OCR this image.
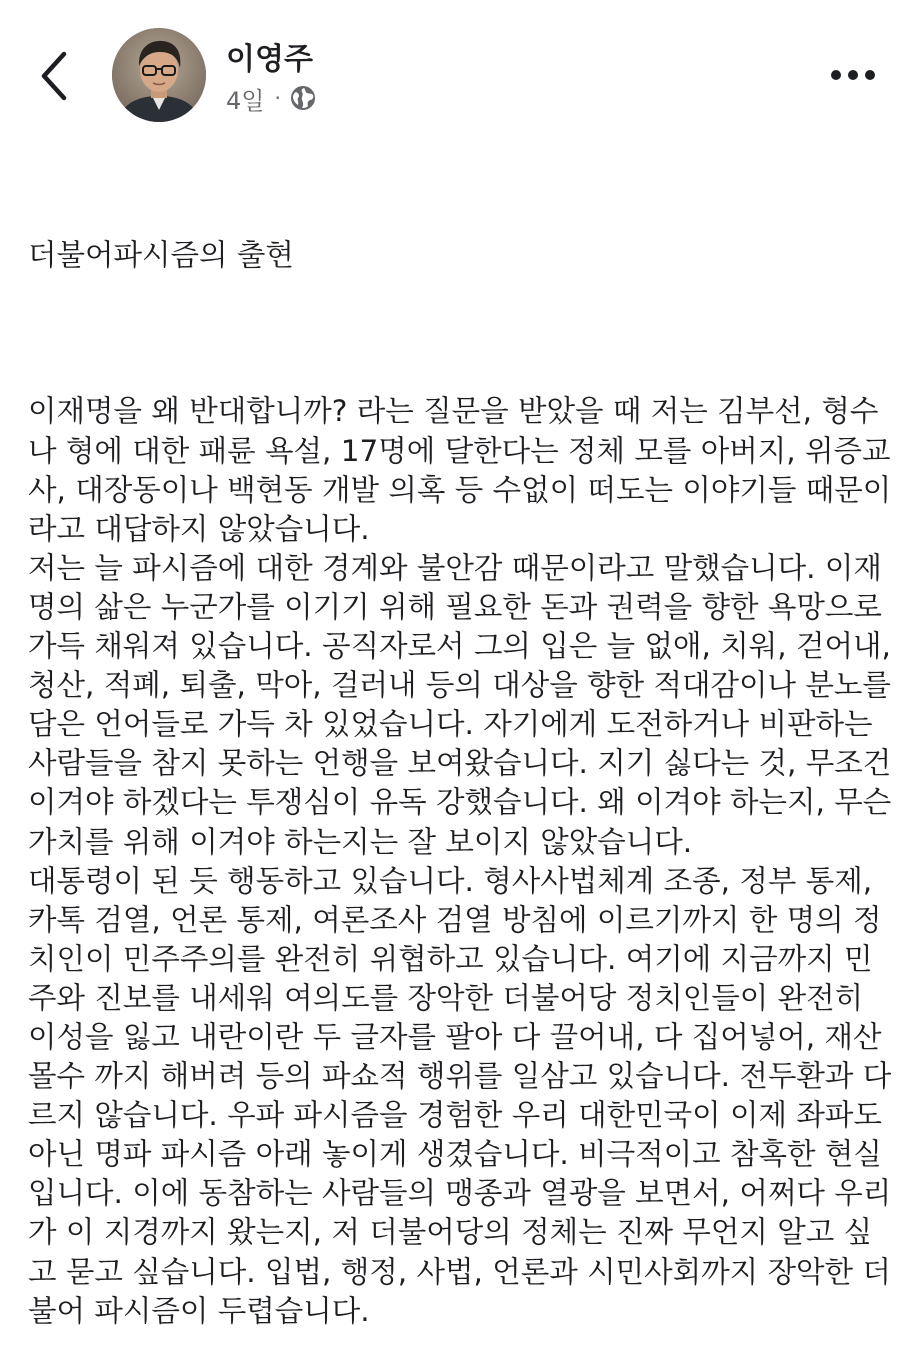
이영주
4일 ·

더불어파시즘의 출현

이재명을 왜 반대합니까? 라는 질문을 받았을 때 저는 김부선, 형수
나 형에 대한 패륜 욕설, 17명에 달한다는 정체 모를 아버지, 위증교
사, 대장동이나 백현동 개발 의혹 등 수없이 떠도는 이야기들 때문이
라고 대답하지 않았습니다.
저는 늘 파시즘에 대한 경계와 불안감 때문이라고 말했습니다. 이재
명의 삶은 누군가를 이기기 위해 필요한 돈과 권력을 향한 욕망으로
가득 채워져 있습니다. 공직자로서 그의 입은 늘 없애, 치워, 걷어내,
청산, 적폐, 퇴출, 막아, 걸러내 등의 대상을 향한 적대감이나 분노를
담은 언어들로 가득 차 있었습니다. 자기에게 도전하거나 비판하는
사람들을 참지 못하는 언행을 보여왔습니다. 지기 싫다는 것, 무조건
이겨야 하겠다는 투쟁심이 유독 강했습니다. 왜 이겨야 하는지, 무슨
가치를 위해 이겨야 하는지는 잘 보이지 않았습니다.
대통령이 된 듯 행동하고 있습니다. 형사사법체계 조종, 정부 통제,
카톡 검열, 언론 통제, 여론조사 검열 방침에 이르기까지 한 명의 정
치인이 민주주의를 완전히 위협하고 있습니다. 여기에 지금까지 민
주와 진보를 내세워 여의도를 장악한 더불어당 정치인들이 완전히
이성을 잃고 내란이란 두 글자를 팔아 다 끌어내, 다 집어넣어, 재산
몰수 까지 해버려 등의 파쇼적 행위를 일삼고 있습니다. 전두환과 다
르지 않습니다. 우파 파시즘을 경험한 우리 대한민국이 이제 좌파도
아닌 명파 파시즘 아래 놓이게 생겼습니다. 비극적이고 참혹한 현실
입니다. 이에 동참하는 사람들의 맹종과 열광을 보면서, 어쩌다 우리
가 이 지경까지 왔는지, 저 더불어당의 정체는 진짜 무언지 알고 싶
고 묻고 싶습니다. 입법, 행정, 사법, 언론과 시민사회까지 장악한 더
불어 파시즘이 두렵습니다.
